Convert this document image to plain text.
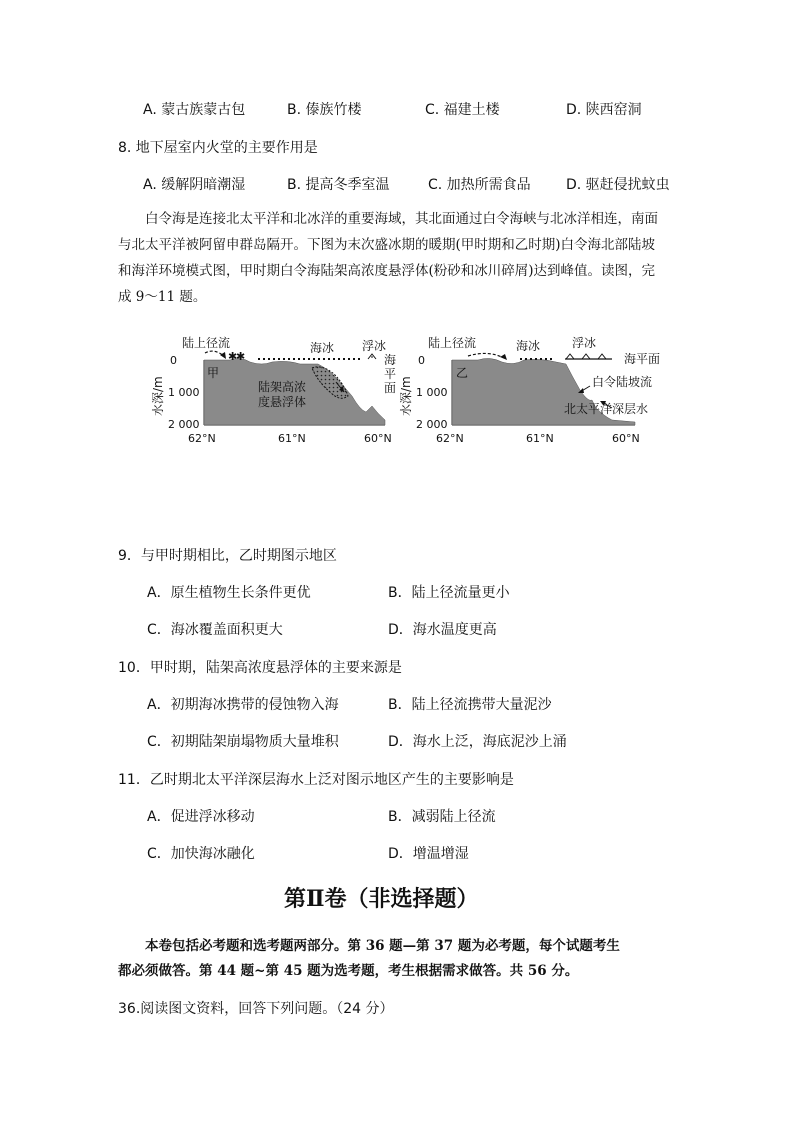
A. 蒙古族蒙古包	B. 傣族竹楼	C. 福建土楼	D. 陕西窑洞
8. 地下屋室内火堂的主要作用是
A. 缓解阴暗潮湿	B. 提高冬季室温	C. 加热所需食品	D. 驱赶侵扰蚊虫
白令海是连接北太平洋和北冰洋的重要海域，其北面通过白令海峡与北冰洋相连，南面
与北太平洋被阿留申群岛隔开。下图为末次盛冰期的暖期(甲时期和乙时期)白令海北部陆坡
和海洋环境模式图，甲时期白令海陆架高浓度悬浮体(粉砂和冰川碎屑)达到峰值。读图，完
成 9～11 题。
✱
✱
陆上径流	海冰 浮冰
海
平
面
甲
陆架高浓
度悬浮体
0
1 000
2 000
水深/m
62°N	61°N	60°N
陆上径流	海冰	浮冰
海平面
乙
白令陆坡流
北太平洋深层水
0
1 000
2 000
水深/m
62°N	61°N	60°N
9．与甲时期相比，乙时期图示地区
A．原生植物生长条件更优	B．陆上径流量更小
C．海冰覆盖面积更大	D．海水温度更高
10．甲时期，陆架高浓度悬浮体的主要来源是
A．初期海冰携带的侵蚀物入海	B．陆上径流携带大量泥沙
C．初期陆架崩塌物质大量堆积	D．海水上泛，海底泥沙上涌
11．乙时期北太平洋深层海水上泛对图示地区产生的主要影响是
A．促进浮冰移动	B．减弱陆上径流
C．加快海冰融化	D．增温增湿
第Ⅱ卷（非选择题）
本卷包括必考题和选考题两部分。第 36 题—第 37 题为必考题，每个试题考生
都必须做答。第 44 题~第 45 题为选考题，考生根据需求做答。共 56 分。
36.阅读图文资料，回答下列问题。（24 分）
